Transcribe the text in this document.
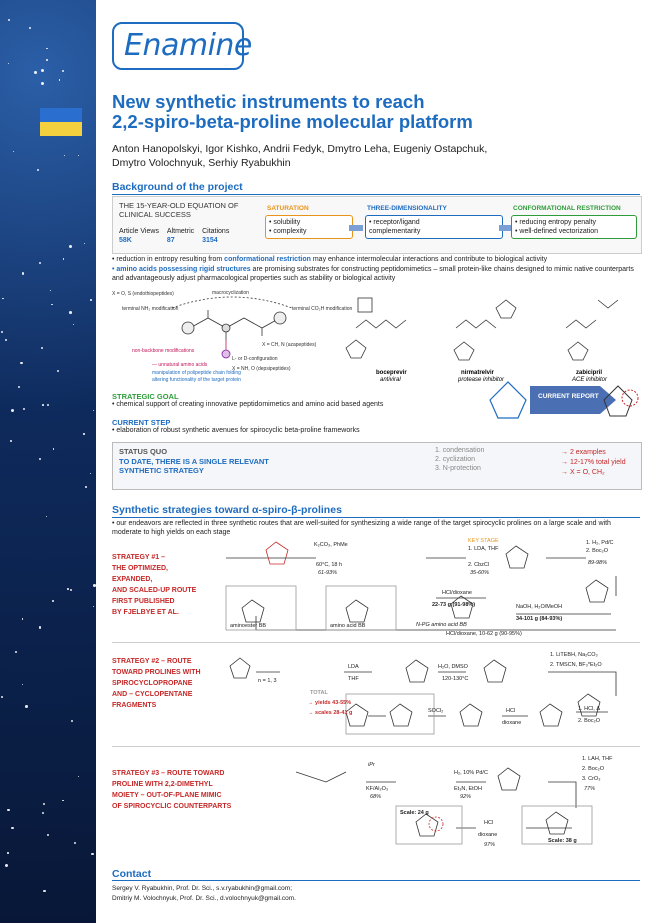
Enamine
New synthetic instruments to reach
2,2-spiro-beta-proline molecular platform
Anton Hanopolskyi, Igor Kishko, Andrii Fedyk, Dmytro Leha, Eugeniy Ostapchuk,
Dmytro Volochnyuk, Serhiy Ryabukhin
Background of the project
THE 15-YEAR-OLD EQUATION OF CLINICAL SUCCESS
Article Views
58K
Altmetric
87
Citations
3154
SATURATION
• solubility
• complexity
THREE-DIMENSIONALITY
• receptor/ligand
complementarity
CONFORMATIONAL RESTRICTION
• reducing entropy penalty
• well-defined vectorization
• reduction in entropy resulting from conformational restriction may enhance intermolecular interactions and contribute to biological activity
• amino acids possessing rigid structures are promising substrates for constructing peptidomimetics – small protein-like chains designed to mimic native counterparts and advantageously adjust pharmacological properties such as stability or biological activity
X = O, S (endothiopeptides)	macrocyclization
terminal NH₂ modification	terminal CO₂H modification
X = CH, N (azapeptides)
non-backbone modifications
L- or D-configuration
X = NH, O (depsipeptides)
— unnatural amino acids
manipulation of polipeptide chain folding
altering functionality of the target protein
boceprevir
antiviral
nirmatrelvir
protease inhibitor
zabicipril
ACE inhibitor
STRATEGIC GOAL
• chemical support of creating innovative peptidomimetics and amino acid based agents
CURRENT STEP
• elaboration of robust synthetic avenues for spirocyclic beta-proline frameworks
CURRENT REPORT
STATUS QUO
TO DATE, THERE IS A SINGLE RELEVANT
SYNTHETIC STRATEGY
1. condensation
2. cyclization
3. N-protection
→ 2 examples
→ 12-17% total yield
→ X = O, CH₂
Synthetic strategies toward α-spiro-β-prolines
• our endeavors are reflected in three synthetic routes that are well-suited for synthesizing a wide range of the target spirocyclic prolines on a large scale and with moderate to high yields on each stage
STRATEGY #1 –
THE OPTIMIZED,
EXPANDED,
AND SCALED-UP ROUTE
FIRST PUBLISHED
BY FJELBYE ET AL.
K₂CO₃, PhMe
60°C, 18 h
61-93%
KEY STAGE
1. LDA, THF
2. CbzCl
35-60%
1. H₂, Pd/C
2. Boc₂O
89-98%
NaOH, H₂O/MeOH
34-101 g (84-93%)
HCl/dioxane
22-73 g (91-98%)
HCl/dioxane, 10-62 g (90-95%)
aminoester BB	amino acid BB	N-PG amino acid BB
STRATEGY #2 – ROUTE
TOWARD PROLINES WITH
SPIROCYCLOPROPANE
AND – CYCLOPENTANE
FRAGMENTS
n = 1, 3
LDA
THF
H₂O, DMSO
120-130°C
1. LiTEBH, Na₂CO₃
2. TMSCN, BF₃*Et₂O
1. HCl, Δ
2. Boc₂O
HCl
dioxane
SOCl₂
TOTAL
→ yields 43-55%
→ scales 28-41 g
STRATEGY #3 – ROUTE TOWARD
PROLINE WITH 2,2-DIMETHYL
MOIETY – OUT-OF-PLANE MIMIC
OF SPIROCYCLIC COUNTERPARTS
iPr
KF/Al₂O₃
68%
H₂, 10% Pd/C
Et₃N, EtOH
92%
1. LAH, THF
2. Boc₂O
3. CrO₃
77%
HCl
dioxane
97%
Scale: 24 g
Scale: 38 g
Contact
Sergey V. Ryabukhin, Prof. Dr. Sci., s.v.ryabukhin@gmail.com;
Dmitriy M. Volochnyuk, Prof. Dr. Sci., d.volochnyuk@gmail.com.
